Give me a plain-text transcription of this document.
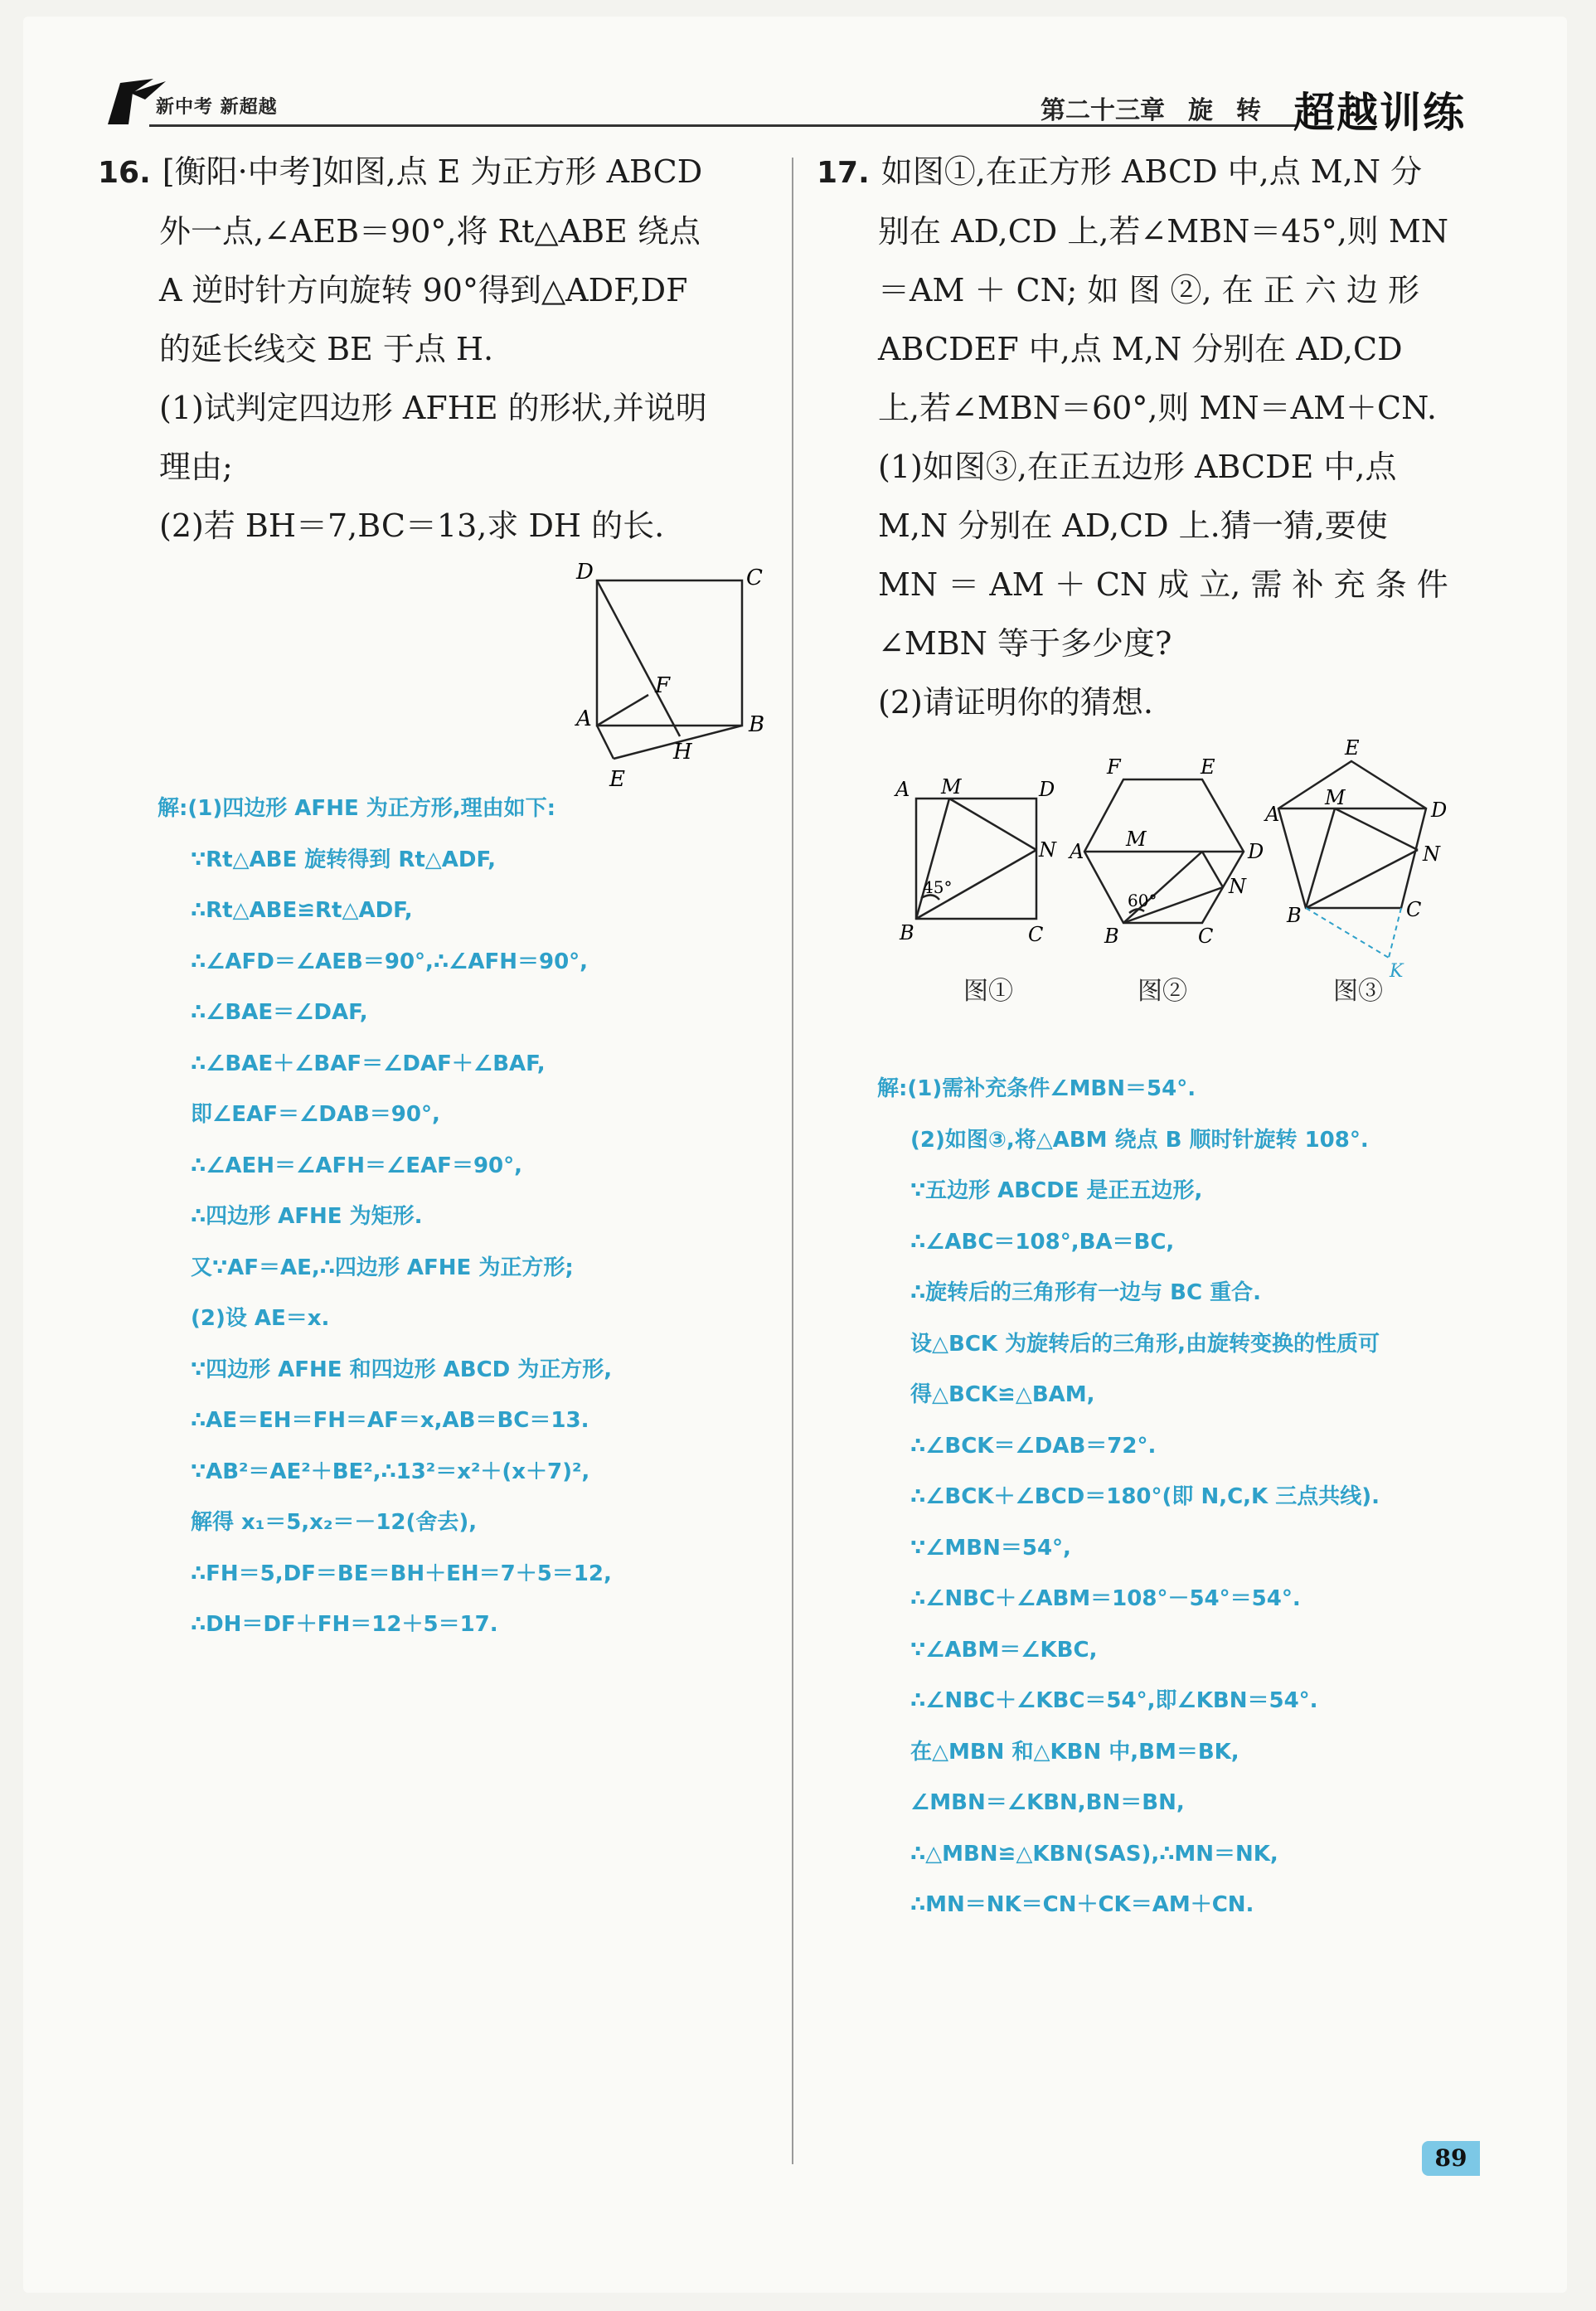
新中考 新超越	第二十三章 旋 转 超越训练

16. [衡阳·中考]如图,点 E 为正方形 ABCD

外一点,∠AEB＝90°,将 Rt△ABE 绕点

A 逆时针方向旋转 90°得到△ADF,DF

的延长线交 BE 于点 H.

(1)试判定四边形 AFHE 的形状,并说明

理由;

(2)若 BH＝7,BC＝13,求 DH 的长.

D	C
F
A	B
H
E

解:(1)四边形 AFHE 为正方形,理由如下:

∵Rt△ABE 旋转得到 Rt△ADF,

∴Rt△ABE≌Rt△ADF,

∴∠AFD＝∠AEB＝90°,∴∠AFH＝90°,

∴∠BAE＝∠DAF,

∴∠BAE＋∠BAF＝∠DAF＋∠BAF,

即∠EAF＝∠DAB＝90°,

∴∠AEH＝∠AFH＝∠EAF＝90°,

∴四边形 AFHE 为矩形.

又∵AF＝AE,∴四边形 AFHE 为正方形;

(2)设 AE＝x.

∵四边形 AFHE 和四边形 ABCD 为正方形,

∴AE＝EH＝FH＝AF＝x,AB＝BC＝13.

∵AB²＝AE²＋BE²,∴13²＝x²＋(x＋7)²,

解得 x₁＝5,x₂＝－12(舍去),

∴FH＝5,DF＝BE＝BH＋EH＝7＋5＝12,

∴DH＝DF＋FH＝12＋5＝17.

17. 如图①,在正方形 ABCD 中,点 M,N 分

别在 AD,CD 上,若∠MBN＝45°,则 MN

＝AM ＋ CN; 如 图 ②, 在 正 六 边 形

ABCDEF 中,点 M,N 分别在 AD,CD

上,若∠MBN＝60°,则 MN＝AM＋CN.

(1)如图③,在正五边形 ABCDE 中,点

M,N 分别在 AD,CD 上.猜一猜,要使

MN ＝ AM ＋ CN 成 立, 需 补 充 条 件

∠MBN 等于多少度?

(2)请证明你的猜想.

A M	D
N
45°
B	C
F	E
A
M
D
N
60°
B	C
E
A
M
D
N
B	C
K
图①	图②	图③

解:(1)需补充条件∠MBN＝54°.

(2)如图③,将△ABM 绕点 B 顺时针旋转 108°.

∵五边形 ABCDE 是正五边形,

∴∠ABC＝108°,BA＝BC,

∴旋转后的三角形有一边与 BC 重合.

设△BCK 为旋转后的三角形,由旋转变换的性质可

得△BCK≌△BAM,

∴∠BCK＝∠DAB＝72°.

∴∠BCK＋∠BCD＝180°(即 N,C,K 三点共线).

∵∠MBN＝54°,

∴∠NBC＋∠ABM＝108°－54°＝54°.

∵∠ABM＝∠KBC,

∴∠NBC＋∠KBC＝54°,即∠KBN＝54°.

在△MBN 和△KBN 中,BM＝BK,

∠MBN＝∠KBN,BN＝BN,

∴△MBN≌△KBN(SAS),∴MN＝NK,

∴MN＝NK＝CN＋CK＝AM＋CN.

89
